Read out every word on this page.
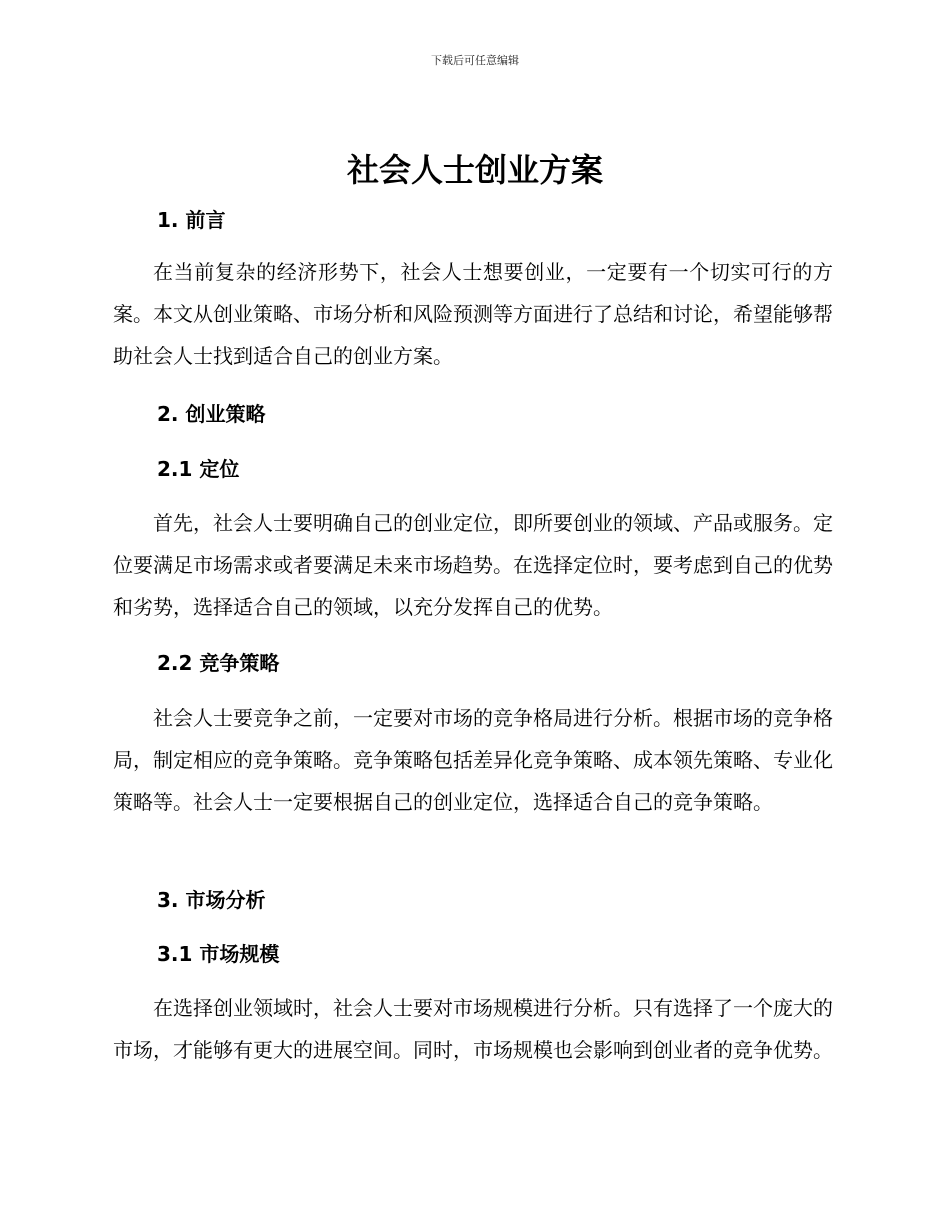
下载后可任意编辑
社会人士创业方案
1. 前言

在当前复杂的经济形势下，社会人士想要创业，一定要有一个切实可行的方案。本文从创业策略、市场分析和风险预测等方面进行了总结和讨论，希望能够帮助社会人士找到适合自己的创业方案。

2. 创业策略
2.1 定位

首先，社会人士要明确自己的创业定位，即所要创业的领域、产品或服务。定位要满足市场需求或者要满足未来市场趋势。在选择定位时，要考虑到自己的优势和劣势，选择适合自己的领域，以充分发挥自己的优势。

2.2 竞争策略

社会人士要竞争之前，一定要对市场的竞争格局进行分析。根据市场的竞争格局，制定相应的竞争策略。竞争策略包括差异化竞争策略、成本领先策略、专业化策略等。社会人士一定要根据自己的创业定位，选择适合自己的竞争策略。

3. 市场分析
3.1 市场规模

在选择创业领域时，社会人士要对市场规模进行分析。只有选择了一个庞大的市场，才能够有更大的进展空间。同时，市场规模也会影响到创业者的竞争优势。
